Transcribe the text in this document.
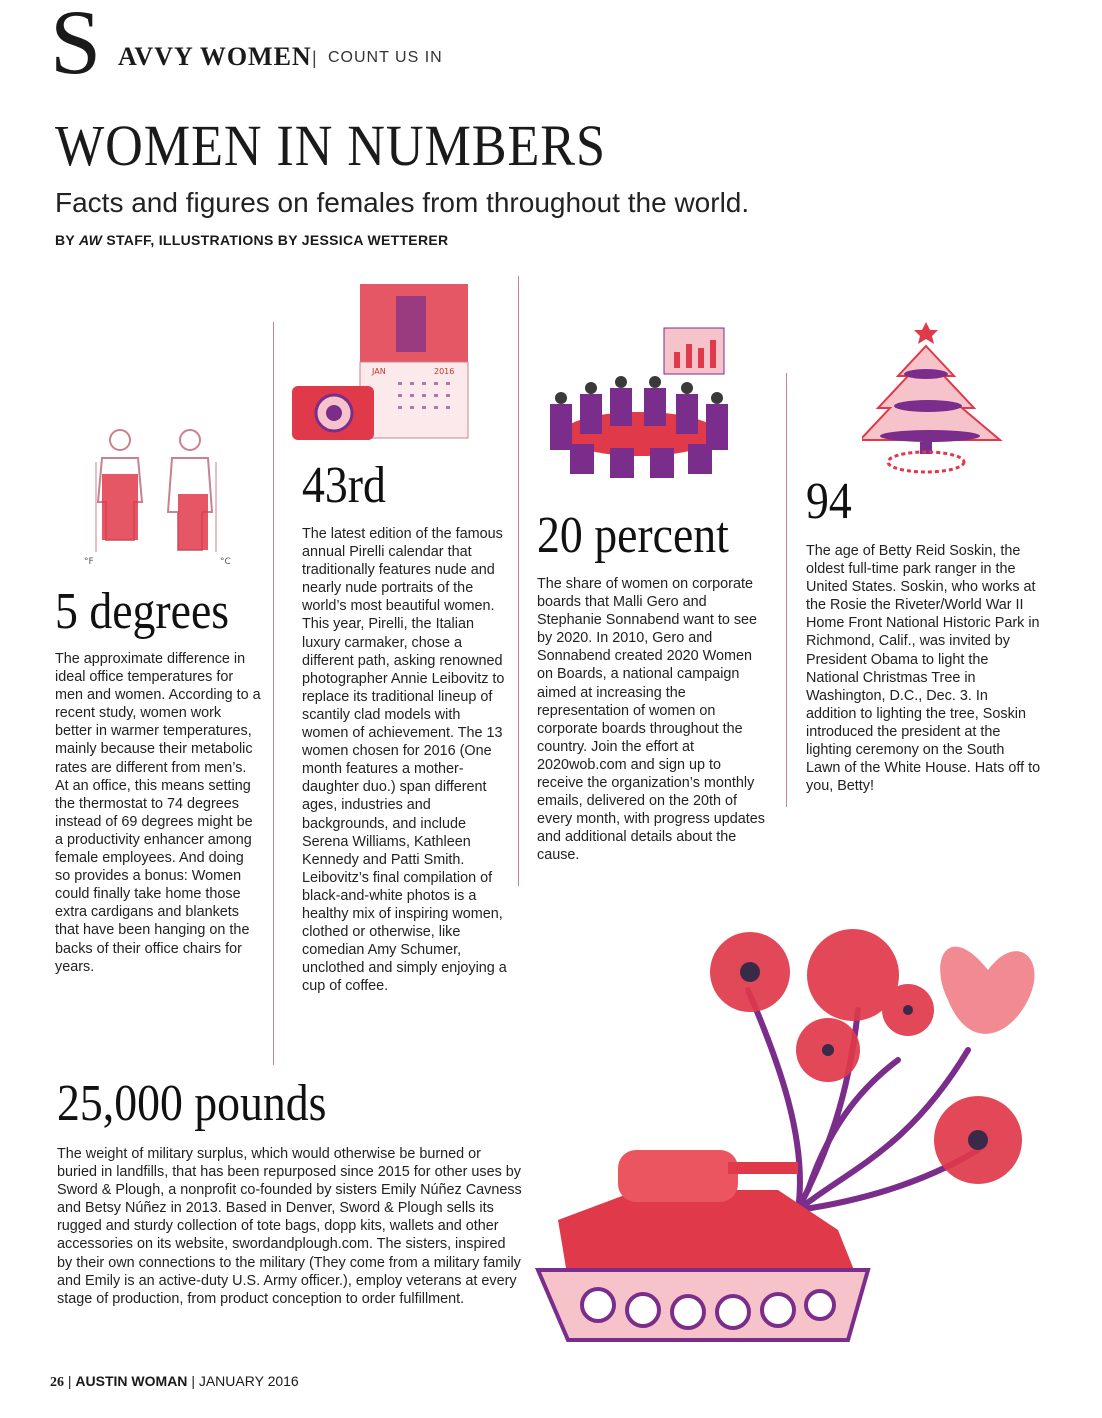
S AVVY WOMEN | COUNT US IN
WOMEN IN NUMBERS
Facts and figures on females from throughout the world.
BY AW STAFF, ILLUSTRATIONS BY JESSICA WETTERER
°F	°C
JAN	2016
5 degrees
The approximate difference in ideal office temperatures for men and women. According to a recent study, women work better in warmer temperatures, mainly because their metabolic rates are different from men’s. At an office, this means setting the thermostat to 74 degrees instead of 69 degrees might be a productivity enhancer among female employees. And doing so provides a bonus: Women could finally take home those extra cardigans and blankets that have been hanging on the backs of their office chairs for years.
43rd
The latest edition of the famous annual Pirelli calendar that traditionally features nude and nearly nude portraits of the world’s most beautiful women. This year, Pirelli, the Italian luxury carmaker, chose a different path, asking renowned photographer Annie Leibovitz to replace its traditional lineup of scantily clad models with women of achievement. The 13 women chosen for 2016 (One month features a mother-daughter duo.) span different ages, industries and backgrounds, and include Serena Williams, Kathleen Kennedy and Patti Smith. Leibovitz’s final compilation of black-and-white photos is a healthy mix of inspiring women, clothed or otherwise, like comedian Amy Schumer, unclothed and simply enjoying a cup of coffee.
20 percent
The share of women on corporate boards that Malli Gero and Stephanie Sonnabend want to see by 2020. In 2010, Gero and Sonnabend created 2020 Women on Boards, a national campaign aimed at increasing the representation of women on corporate boards throughout the country. Join the effort at 2020wob.com and sign up to receive the organization’s monthly emails, delivered on the 20th of every month, with progress updates and additional details about the cause.
94
The age of Betty Reid Soskin, the oldest full-time park ranger in the United States. Soskin, who works at the Rosie the Riveter/World War II Home Front National Historic Park in Richmond, Calif., was invited by President Obama to light the National Christmas Tree in Washington, D.C., Dec. 3. In addition to lighting the tree, Soskin introduced the president at the lighting ceremony on the South Lawn of the White House. Hats off to you, Betty!
25,000 pounds
The weight of military surplus, which would otherwise be burned or buried in landfills, that has been repurposed since 2015 for other uses by Sword & Plough, a nonprofit co-founded by sisters Emily Núñez Cavness and Betsy Núñez in 2013. Based in Denver, Sword & Plough sells its rugged and sturdy collection of tote bags, dopp kits, wallets and other accessories on its website, swordandplough.com. The sisters, inspired by their own connections to the military (They come from a military family and Emily is an active-duty U.S. Army officer.), employ veterans at every stage of production, from product conception to order fulfillment.
26 | AUSTIN WOMAN | JANUARY 2016
